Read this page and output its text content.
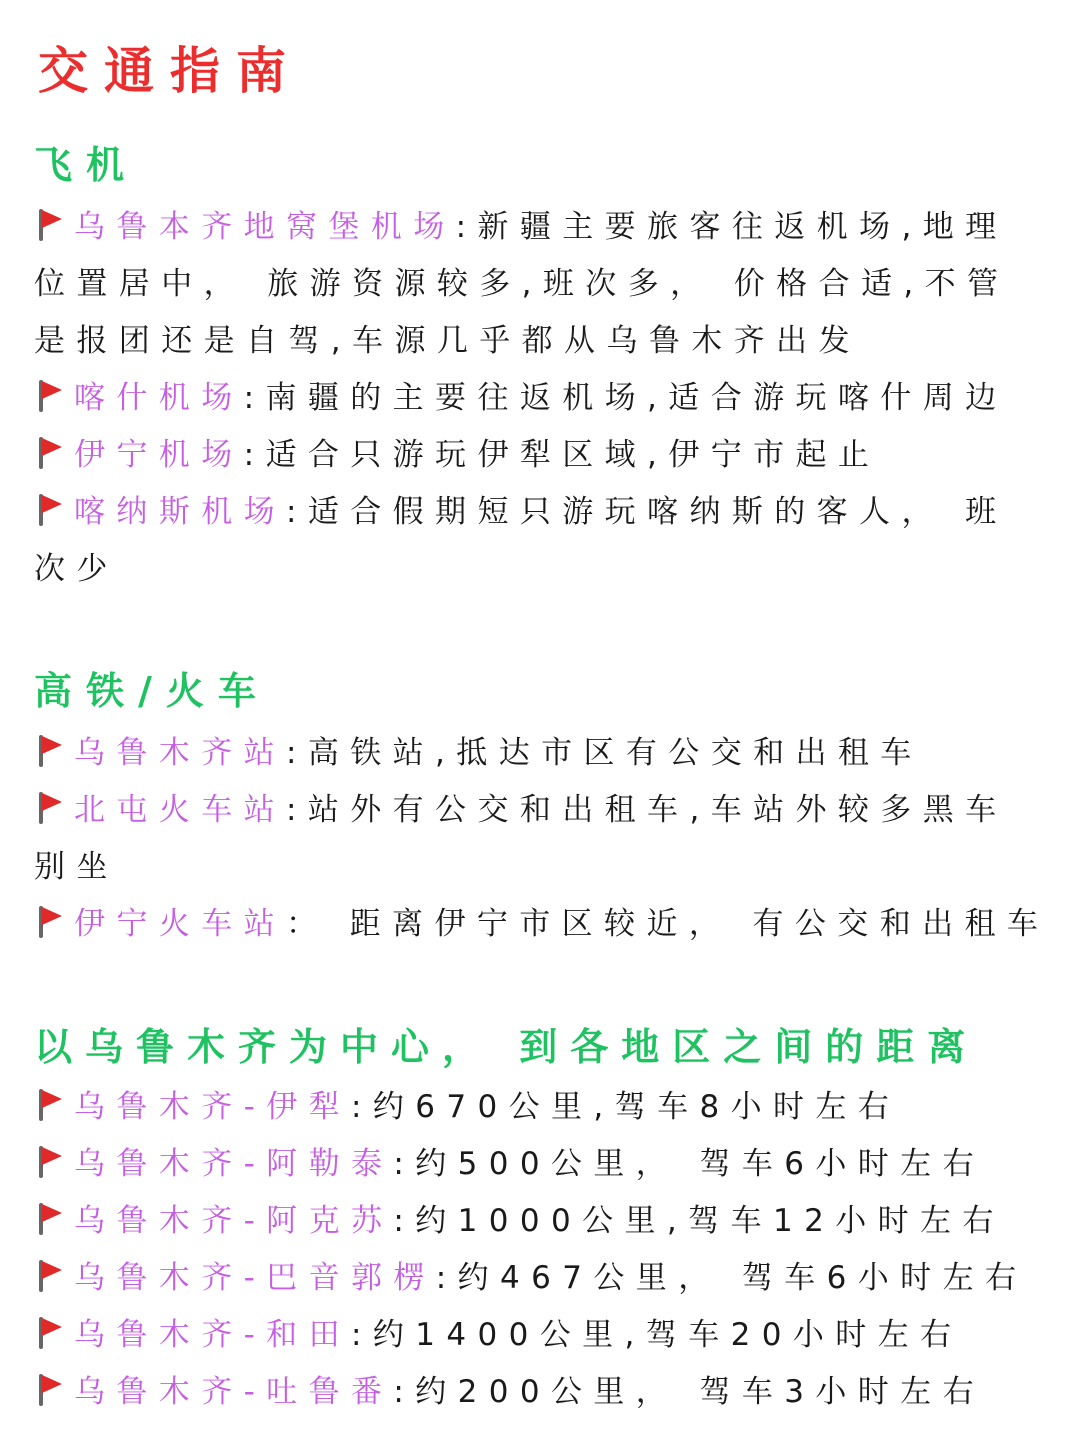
交通指南
飞机
乌鲁本齐地窝堡机场:新疆主要旅客往返机场,地理位置居中， 旅游资源较多,班次多， 价格合适,不管是报团还是自驾,车源几乎都从乌鲁木齐出发
喀什机场:南疆的主要往返机场,适合游玩喀什周边
伊宁机场:适合只游玩伊犁区域,伊宁市起止
喀纳斯机场:适合假期短只游玩喀纳斯的客人， 班次少
高铁/火车
乌鲁木齐站:高铁站,抵达市区有公交和出租车
北屯火车站:站外有公交和出租车,车站外较多黑车别坐
伊宁火车站： 距离伊宁市区较近， 有公交和出租车
以乌鲁木齐为中心， 到各地区之间的距离
乌鲁木齐-伊犁:约670公里,驾车8小时左右
乌鲁木齐-阿勒泰:约500公里， 驾车6小时左右
乌鲁木齐-阿克苏:约1000公里,驾车12小时左右
乌鲁木齐-巴音郭楞:约467公里， 驾车6小时左右
乌鲁木齐-和田:约1400公里,驾车20小时左右
乌鲁木齐-吐鲁番:约200公里， 驾车3小时左右
